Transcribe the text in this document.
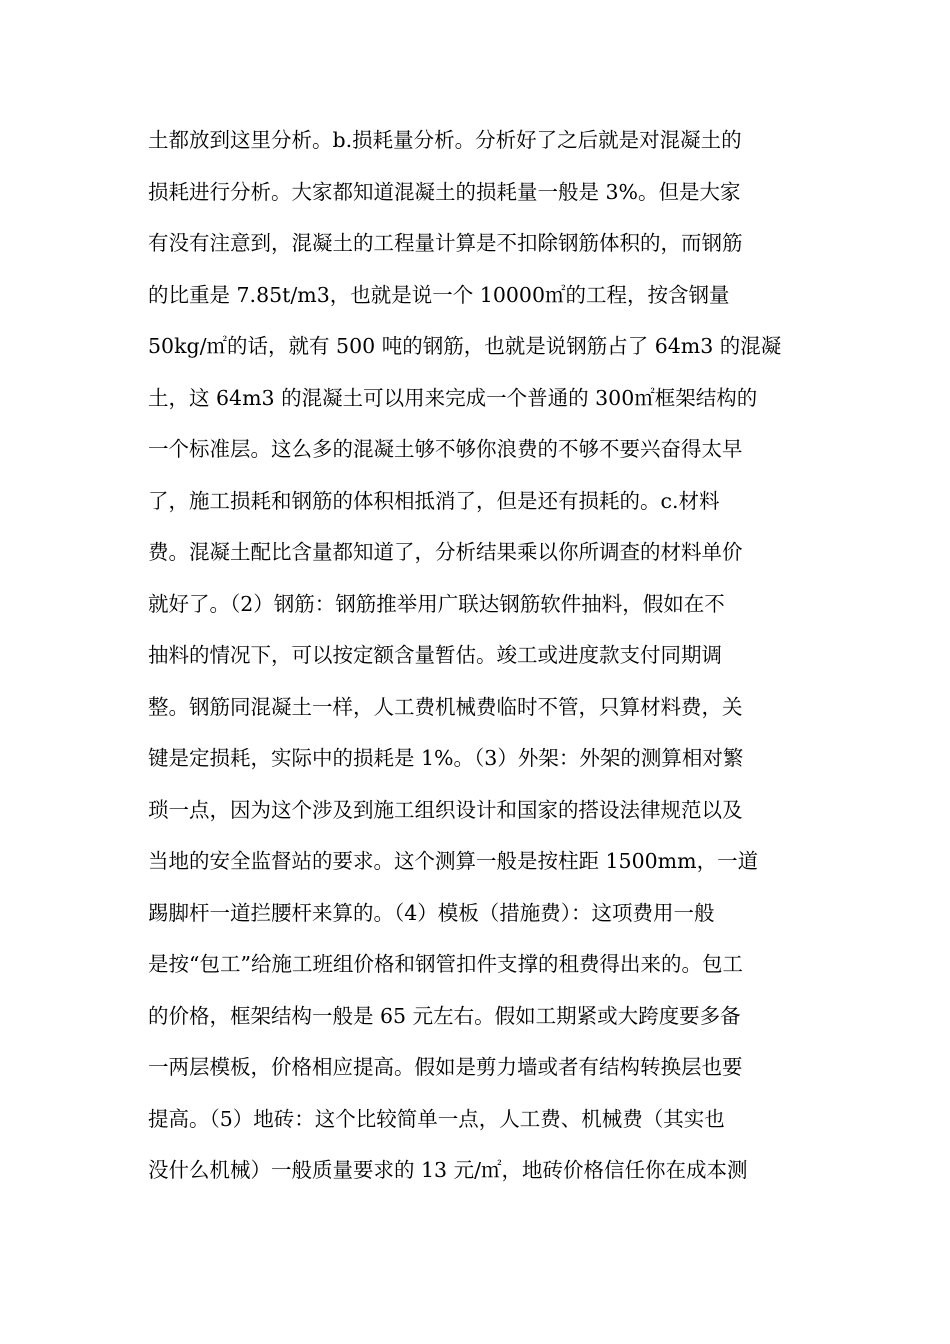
土都放到这里分析。b.损耗量分析。分析好了之后就是对混凝土的
损耗进行分析。大家都知道混凝土的损耗量一般是 3%。但是大家
有没有注意到，混凝土的工程量计算是不扣除钢筋体积的，而钢筋
的比重是 7.85t/m3，也就是说一个 10000㎡的工程，按含钢量
50kg/㎡的话，就有 500 吨的钢筋，也就是说钢筋占了 64m3 的混凝
土，这 64m3 的混凝土可以用来完成一个普通的 300㎡框架结构的
一个标准层。这么多的混凝土够不够你浪费的不够不要兴奋得太早
了，施工损耗和钢筋的体积相抵消了，但是还有损耗的。c.材料
费。混凝土配比含量都知道了，分析结果乘以你所调查的材料单价
就好了。（2）钢筋：钢筋推举用广联达钢筋软件抽料，假如在不
抽料的情况下，可以按定额含量暂估。竣工或进度款支付同期调
整。钢筋同混凝土一样，人工费机械费临时不管，只算材料费，关
键是定损耗，实际中的损耗是 1%。（3）外架：外架的测算相对繁
琐一点，因为这个涉及到施工组织设计和国家的搭设法律规范以及
当地的安全监督站的要求。这个测算一般是按柱距 1500mm，一道
踢脚杆一道拦腰杆来算的。（4）模板（措施费）：这项费用一般
是按“包工”给施工班组价格和钢管扣件支撑的租费得出来的。包工
的价格，框架结构一般是 65 元左右。假如工期紧或大跨度要多备
一两层模板，价格相应提高。假如是剪力墙或者有结构转换层也要
提高。（5）地砖：这个比较简单一点，人工费、机械费（其实也
没什么机械）一般质量要求的 13 元/㎡，地砖价格信任你在成本测
